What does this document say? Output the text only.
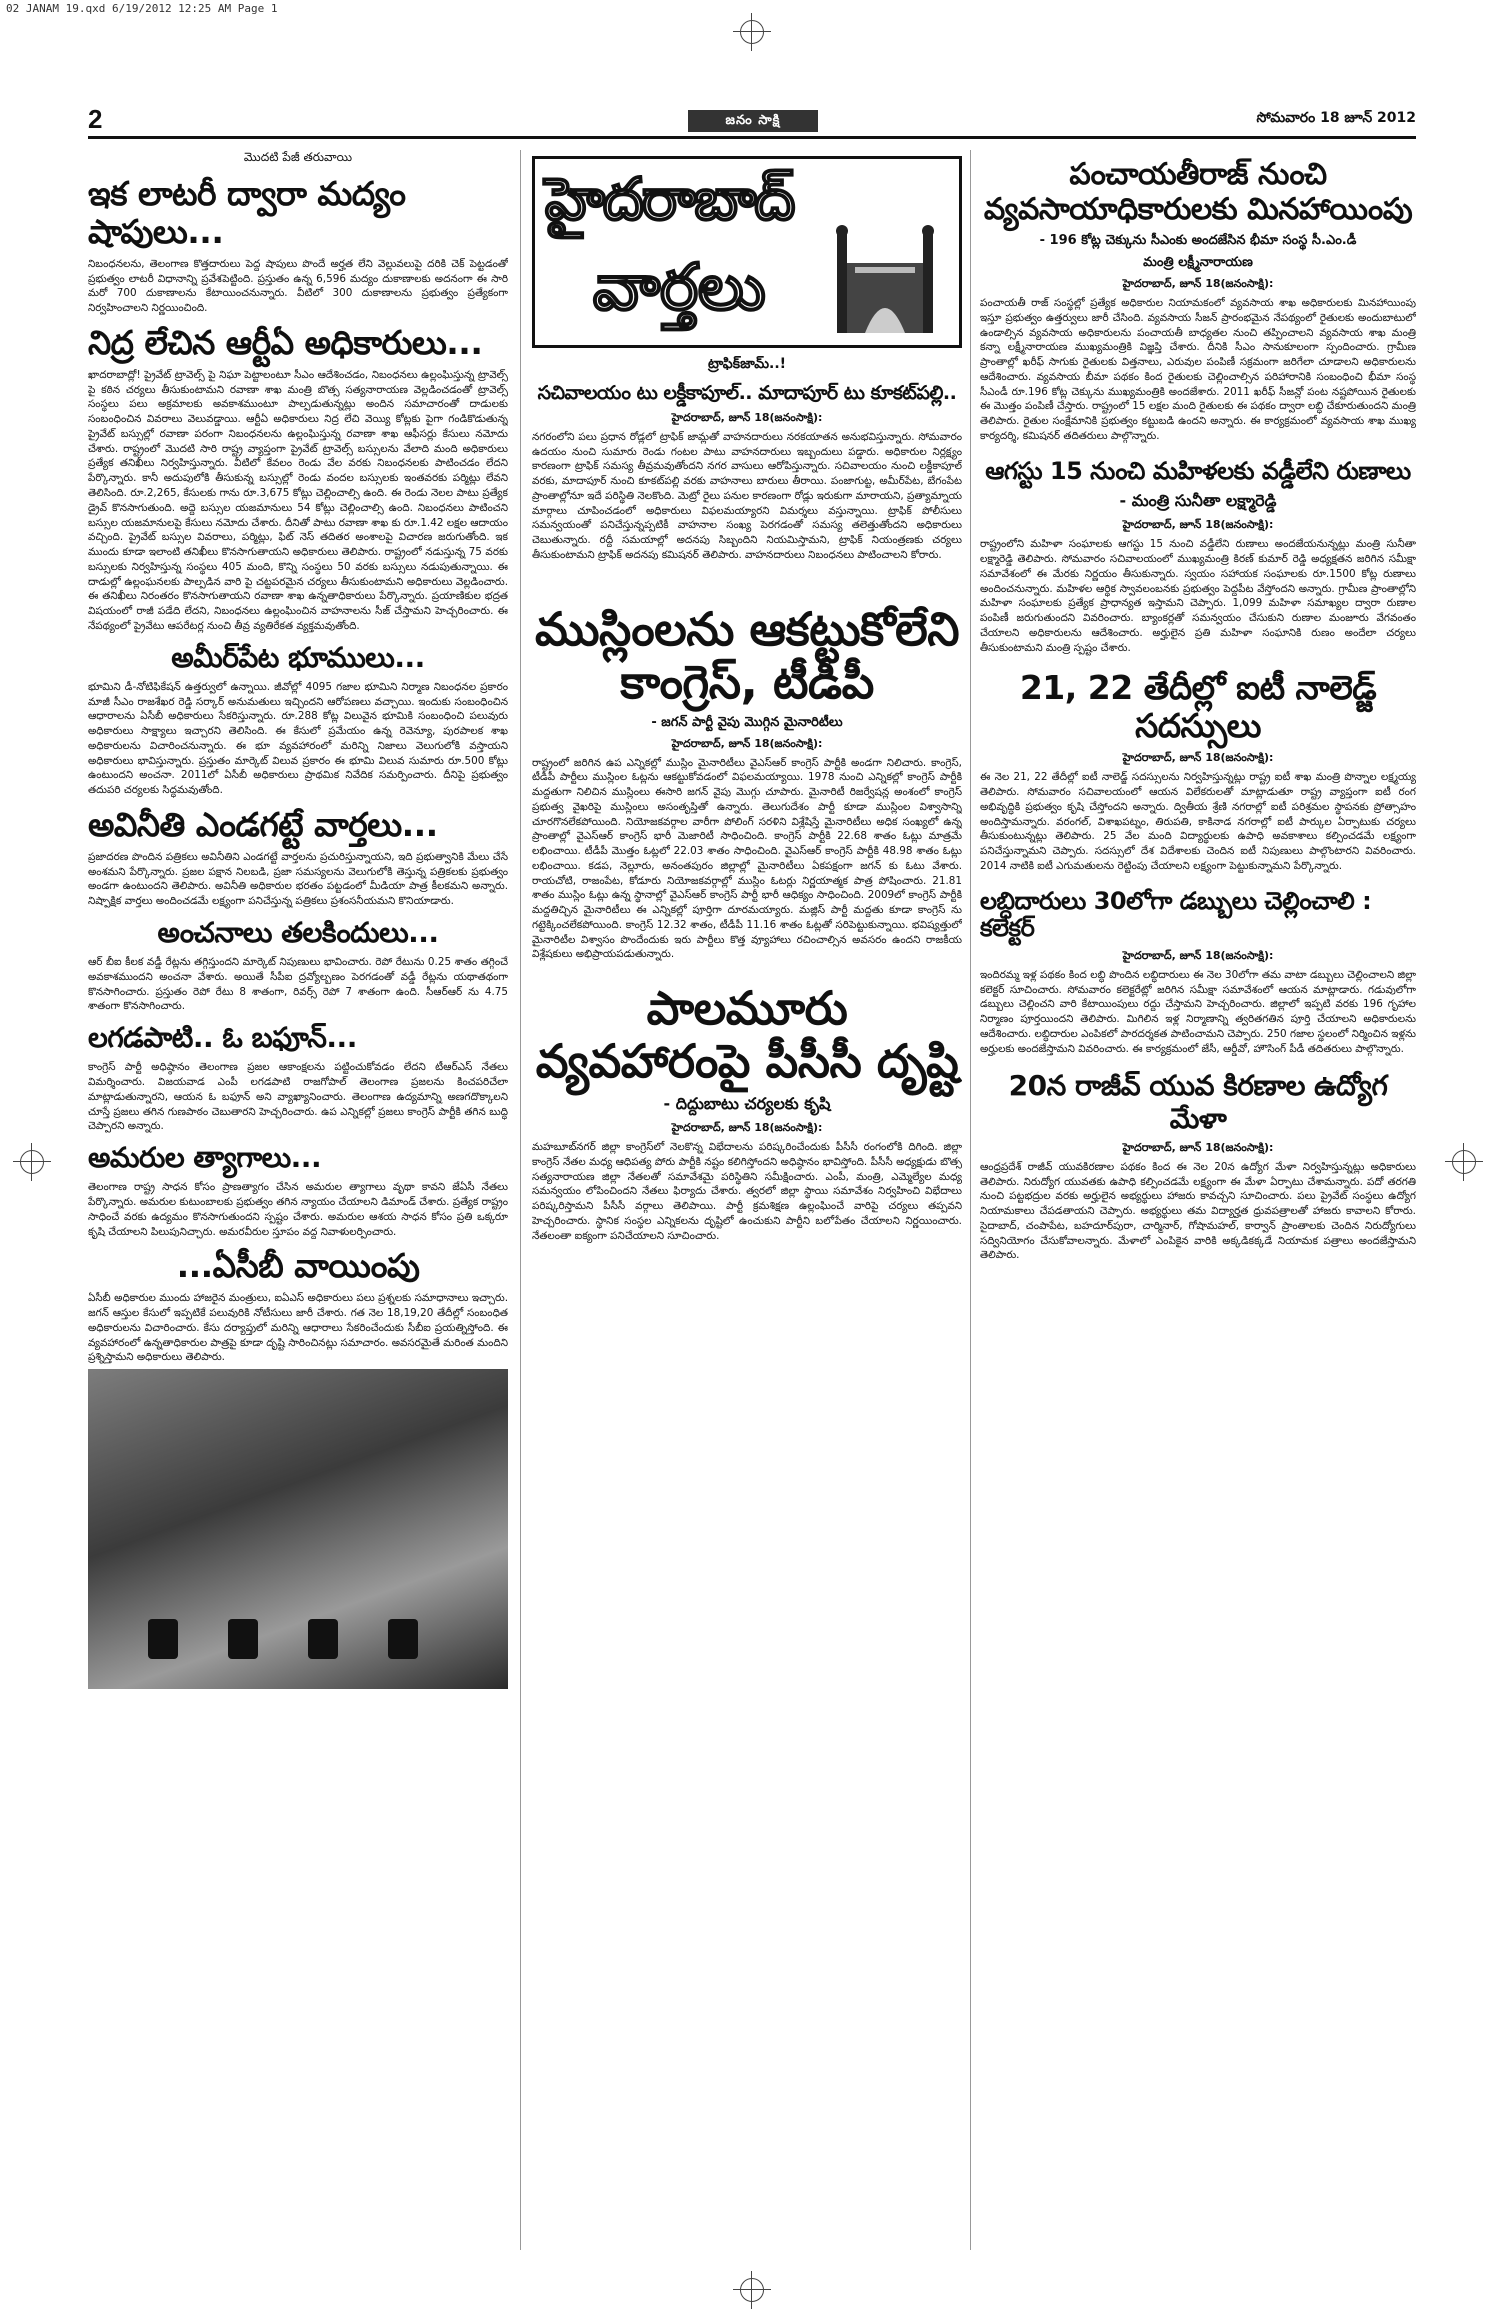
02 JANAM 19.qxd 6/19/2012 12:25 AM Page 1
2	జనం సాక్షి	సోమవారం 18 జూన్ 2012
మొదటి పేజీ తరువాయి
ఇక లాటరీ ద్వారా మద్యం షాపులు...

నిబంధనలను, తెలంగాణ కొత్తదారులు పెద్ద షాపులు పొందే అర్హత లేని వెల్లువలుపై దరికి చెక్ పెట్టడంతో ప్రభుత్వం లాటరీ విధానాన్ని ప్రవేశపెట్టింది. ప్రస్తుతం ఉన్న 6,596 మద్యం దుకాణాలకు అదనంగా ఈ సారి మరో 700 దుకాణాలను కేటాయించనున్నారు. వీటిలో 300 దుకాణాలను ప్రభుత్వం ప్రత్యేకంగా నిర్వహించాలని నిర్ణయించింది.

నిద్ర లేచిన ఆర్టీఏ అధికారులు...

ఖాదరాబాద్లో! ప్రైవేట్ ట్రావెల్స్ పై నిఘా పెట్టాలంటూ సీఎం ఆదేశించడం, నిబంధనలు ఉల్లంఘిస్తున్న ట్రావెల్స్ పై కఠిన చర్యలు తీసుకుంటామని రవాణా శాఖ మంత్రి బొత్స సత్యనారాయణ వెల్లడించడంతో ట్రావెల్స్ సంస్థలు పలు అక్రమాలకు అవకాశముంటూ పాల్పడుతున్నట్లు అందిన సమాచారంతో దాడులకు సంబంధించిన వివరాలు వెలువడ్డాయి. ఆర్టీఏ అధికారులు నిద్ర లేచి వెయ్యి కోట్లకు పైగా గండికొడుతున్న ప్రైవేట్ బస్సుల్లో రవాణా పరంగా నిబంధనలను ఉల్లంఘిస్తున్న రవాణా శాఖ ఆఫీసర్లు కేసులు నమోదు చేశారు. రాష్ట్రంలో మొదటి సారి రాష్ట్ర వ్యాప్తంగా ప్రైవేట్ ట్రావెల్స్ బస్సులను వేలాది మంది అధికారులు ప్రత్యేక తనిఖీలు నిర్వహిస్తున్నారు. వీటిలో కేవలం రెండు వేల వరకు నిబంధనలకు పాటించడం లేదని పేర్కొన్నారు. కానీ అదుపులోకి తీసుకున్న బస్సుల్లో రెండు వందల బస్సులకు ఇంతవరకు పర్మిట్లు లేవని తెలిసింది. రూ.2,265, కేసులకు గాను రూ.3,675 కోట్లు చెల్లించాల్సి ఉంది. ఈ రెండు నెలల పాటు ప్రత్యేక డ్రైవ్ కొనసాగుతుంది. అద్దె బస్సుల యజమానులు 54 కోట్లు చెల్లించాల్సి ఉంది. నిబంధనలు పాటించని బస్సుల యజమానులపై కేసులు నమోదు చేశారు. దీనితో పాటు రవాణా శాఖ కు రూ.1.42 లక్షల ఆదాయం వచ్చింది. ప్రైవేట్ బస్సుల వివరాలు, పర్మిట్లు, ఫిట్ నెస్ తదితర అంశాలపై విచారణ జరుగుతోంది. ఇక ముందు కూడా ఇలాంటి తనిఖీలు కొనసాగుతాయని అధికారులు తెలిపారు. రాష్ట్రంలో నడుస్తున్న 75 వరకు బస్సులకు నిర్వహిస్తున్న సంస్థలు 405 మంది, కొన్ని సంస్థలు 50 వరకు బస్సులు నడుపుతున్నాయి. ఈ దాడుల్లో ఉల్లంఘనలకు పాల్పడిన వారి పై చట్టపరమైన చర్యలు తీసుకుంటామని అధికారులు వెల్లడించారు. ఈ తనిఖీలు నిరంతరం కొనసాగుతాయని రవాణా శాఖ ఉన్నతాధికారులు పేర్కొన్నారు. ప్రయాణికుల భద్రత విషయంలో రాజీ పడేది లేదని, నిబంధనలు ఉల్లంఘించిన వాహనాలను సీజ్ చేస్తామని హెచ్చరించారు. ఈ నేపథ్యంలో ప్రైవేటు ఆపరేటర్ల నుంచి తీవ్ర వ్యతిరేకత వ్యక్తమవుతోంది.

అమీర్‌పేట భూములు...

భూమిని డీ-నోటిఫికేషన్ ఉత్తర్వులో ఉన్నాయి. జీవోల్లో 4095 గజాల భూమిని నిర్మాణ నిబంధనల ప్రకారం మాజీ సీఎం రాజశేఖర రెడ్డి సర్కార్ అనుమతులు ఇచ్చిందని ఆరోపణలు వచ్చాయి. ఇందుకు సంబంధించిన ఆధారాలను ఏసీబీ అధికారులు సేకరిస్తున్నారు. రూ.288 కోట్ల విలువైన భూమికి సంబంధించి పలువురు అధికారులు సాక్ష్యాలు ఇచ్చారని తెలిసింది. ఈ కేసులో ప్రమేయం ఉన్న రెవెన్యూ, పురపాలక శాఖ అధికారులను విచారించనున్నారు. ఈ భూ వ్యవహారంలో మరిన్ని నిజాలు వెలుగులోకి వస్తాయని అధికారులు భావిస్తున్నారు. ప్రస్తుతం మార్కెట్ విలువ ప్రకారం ఈ భూమి విలువ సుమారు రూ.500 కోట్లు ఉంటుందని అంచనా. 2011లో ఏసీబీ అధికారులు ప్రాథమిక నివేదిక సమర్పించారు. దీనిపై ప్రభుత్వం తదుపరి చర్యలకు సిద్ధమవుతోంది.

అవినీతి ఎండగట్టే వార్తలు...

ప్రజాదరణ పొందిన పత్రికలు అవినీతిని ఎండగట్టే వార్తలను ప్రచురిస్తున్నాయని, ఇది ప్రభుత్వానికి మేలు చేసే అంశమని పేర్కొన్నారు. ప్రజల పక్షాన నిలబడి, ప్రజా సమస్యలను వెలుగులోకి తెస్తున్న పత్రికలకు ప్రభుత్వం అండగా ఉంటుందని తెలిపారు. అవినీతి అధికారుల భరతం పట్టడంలో మీడియా పాత్ర కీలకమని అన్నారు. నిష్పాక్షిక వార్తలు అందించడమే లక్ష్యంగా పనిచేస్తున్న పత్రికలు ప్రశంసనీయమని కొనియాడారు.

అంచనాలు తలకిందులు...

ఆర్ బీఐ కీలక వడ్డీ రేట్లను తగ్గిస్తుందని మార్కెట్ నిపుణులు భావించారు. రెపో రేటును 0.25 శాతం తగ్గించే అవకాశముందని అంచనా వేశారు. అయితే సీపీఐ ద్రవ్యోల్బణం పెరగడంతో వడ్డీ రేట్లను యథాతథంగా కొనసాగించారు. ప్రస్తుతం రెపో రేటు 8 శాతంగా, రివర్స్ రెపో 7 శాతంగా ఉంది. సీఆర్ఆర్ ను 4.75 శాతంగా కొనసాగించారు.

లగడపాటి.. ఓ బఫూన్...

కాంగ్రెస్ పార్టీ అధిష్ఠానం తెలంగాణ ప్రజల ఆకాంక్షలను పట్టించుకోవడం లేదని టీఆర్ఎస్ నేతలు విమర్శించారు. విజయవాడ ఎంపీ లగడపాటి రాజగోపాల్ తెలంగాణ ప్రజలను కించపరిచేలా మాట్లాడుతున్నారని, ఆయన ఓ బఫూన్ అని వ్యాఖ్యానించారు. తెలంగాణ ఉద్యమాన్ని అణగదొక్కాలని చూస్తే ప్రజలు తగిన గుణపాఠం చెబుతారని హెచ్చరించారు. ఉప ఎన్నికల్లో ప్రజలు కాంగ్రెస్ పార్టీకి తగిన బుద్ధి చెప్పారని అన్నారు.

అమరుల త్యాగాలు...

తెలంగాణ రాష్ట్ర సాధన కోసం ప్రాణత్యాగం చేసిన అమరుల త్యాగాలు వృథా కావని జేఏసీ నేతలు పేర్కొన్నారు. అమరుల కుటుంబాలకు ప్రభుత్వం తగిన న్యాయం చేయాలని డిమాండ్ చేశారు. ప్రత్యేక రాష్ట్రం సాధించే వరకు ఉద్యమం కొనసాగుతుందని స్పష్టం చేశారు. అమరుల ఆశయ సాధన కోసం ప్రతి ఒక్కరూ కృషి చేయాలని పిలుపునిచ్చారు. అమరవీరుల స్తూపం వద్ద నివాళులర్పించారు.

...ఏసీబీ వాయింపు

ఏసీబీ అధికారుల ముందు హాజరైన మంత్రులు, ఐఏఎస్ అధికారులు పలు ప్రశ్నలకు సమాధానాలు ఇచ్చారు. జగన్ ఆస్తుల కేసులో ఇప్పటికే పలువురికి నోటీసులు జారీ చేశారు. గత నెల 18,19,20 తేదీల్లో సంబంధిత అధికారులను విచారించారు. కేసు దర్యాప్తులో మరిన్ని ఆధారాలు సేకరించేందుకు సీబీఐ ప్రయత్నిస్తోంది. ఈ వ్యవహారంలో ఉన్నతాధికారుల పాత్రపై కూడా దృష్టి సారించినట్లు సమాచారం. అవసరమైతే మరింత మందిని ప్రశ్నిస్తామని అధికారులు తెలిపారు.

హైదరాబాద్
వార్తలు
ట్రాఫిక్‌జామ్..!
సచివాలయం టు లక్డీకాపూల్.. మాదాపూర్ టు కూకట్‌పల్లి..
హైదరాబాద్, జూన్ 18(జనంసాక్షి):

నగరంలోని పలు ప్రధాన రోడ్లలో ట్రాఫిక్ జామ్లతో వాహనదారులు నరకయాతన అనుభవిస్తున్నారు. సోమవారం ఉదయం నుంచి సుమారు రెండు గంటల పాటు వాహనదారులు ఇబ్బందులు పడ్డారు. అధికారుల నిర్లక్ష్యం కారణంగా ట్రాఫిక్ సమస్య తీవ్రమవుతోందని నగర వాసులు ఆరోపిస్తున్నారు. సచివాలయం నుంచి లక్డీకాపూల్ వరకు, మాదాపూర్ నుంచి కూకట్‌పల్లి వరకు వాహనాలు బారులు తీరాయి. పంజాగుట్ట, అమీర్‌పేట, బేగంపేట ప్రాంతాల్లోనూ ఇదే పరిస్థితి నెలకొంది. మెట్రో రైలు పనుల కారణంగా రోడ్లు ఇరుకుగా మారాయని, ప్రత్యామ్నాయ మార్గాలు చూపించడంలో అధికారులు విఫలమయ్యారని విమర్శలు వస్తున్నాయి. ట్రాఫిక్ పోలీసులు సమన్వయంతో పనిచేస్తున్నప్పటికీ వాహనాల సంఖ్య పెరగడంతో సమస్య తలెత్తుతోందని అధికారులు చెబుతున్నారు. రద్దీ సమయాల్లో అదనపు సిబ్బందిని నియమిస్తామని, ట్రాఫిక్ నియంత్రణకు చర్యలు తీసుకుంటామని ట్రాఫిక్ అదనపు కమిషనర్ తెలిపారు. వాహనదారులు నిబంధనలు పాటించాలని కోరారు.

ముస్లింలను ఆకట్టుకోలేని కాంగ్రెస్, టీడీపీ
- జగన్ పార్టీ వైపు మొగ్గిన మైనారిటీలు
హైదరాబాద్, జూన్ 18(జనంసాక్షి):

రాష్ట్రంలో జరిగిన ఉప ఎన్నికల్లో ముస్లిం మైనారిటీలు వైఎస్ఆర్ కాంగ్రెస్ పార్టీకి అండగా నిలిచారు. కాంగ్రెస్, టీడీపీ పార్టీలు ముస్లింల ఓట్లను ఆకట్టుకోవడంలో విఫలమయ్యాయి. 1978 నుంచి ఎన్నికల్లో కాంగ్రెస్ పార్టీకి మద్దతుగా నిలిచిన ముస్లింలు ఈసారి జగన్ వైపు మొగ్గు చూపారు. మైనారిటీ రిజర్వేషన్ల అంశంలో కాంగ్రెస్ ప్రభుత్వ వైఖరిపై ముస్లింలు అసంతృప్తితో ఉన్నారు. తెలుగుదేశం పార్టీ కూడా ముస్లింల విశ్వాసాన్ని చూరగొనలేకపోయింది. నియోజకవర్గాల వారీగా పోలింగ్ సరళిని విశ్లేషిస్తే మైనారిటీలు అధిక సంఖ్యలో ఉన్న ప్రాంతాల్లో వైఎస్ఆర్ కాంగ్రెస్ భారీ మెజారిటీ సాధించింది. కాంగ్రెస్ పార్టీకి 22.68 శాతం ఓట్లు మాత్రమే లభించాయి. టీడీపీ మొత్తం ఓట్లలో 22.03 శాతం సాధించింది. వైఎస్ఆర్ కాంగ్రెస్ పార్టీకి 48.98 శాతం ఓట్లు లభించాయి. కడప, నెల్లూరు, అనంతపురం జిల్లాల్లో మైనారిటీలు ఏకపక్షంగా జగన్ కు ఓటు వేశారు. రాయచోటి, రాజంపేట, కోడూరు నియోజకవర్గాల్లో ముస్లిం ఓటర్లు నిర్ణయాత్మక పాత్ర పోషించారు. 21.81 శాతం ముస్లిం ఓట్లు ఉన్న స్థానాల్లో వైఎస్ఆర్ కాంగ్రెస్ పార్టీ భారీ ఆధిక్యం సాధించింది. 2009లో కాంగ్రెస్ పార్టీకి మద్దతిచ్చిన మైనారిటీలు ఈ ఎన్నికల్లో పూర్తిగా దూరమయ్యారు. మజ్లిస్ పార్టీ మద్దతు కూడా కాంగ్రెస్ ను గట్టెక్కించలేకపోయింది. కాంగ్రెస్ 12.32 శాతం, టీడీపీ 11.16 శాతం ఓట్లతో సరిపెట్టుకున్నాయి. భవిష్యత్తులో మైనారిటీల విశ్వాసం పొందేందుకు ఇరు పార్టీలు కొత్త వ్యూహాలు రచించాల్సిన అవసరం ఉందని రాజకీయ విశ్లేషకులు అభిప్రాయపడుతున్నారు.

పాలమూరు వ్యవహారంపై పీసీసీ దృష్టి
- దిద్దుబాటు చర్యలకు కృషి
హైదరాబాద్, జూన్ 18(జనంసాక్షి):

మహబూబ్‌నగర్ జిల్లా కాంగ్రెస్‌లో నెలకొన్న విభేదాలను పరిష్కరించేందుకు పీసీసీ రంగంలోకి దిగింది. జిల్లా కాంగ్రెస్ నేతల మధ్య ఆధిపత్య పోరు పార్టీకి నష్టం కలిగిస్తోందని అధిష్ఠానం భావిస్తోంది. పీసీసీ అధ్యక్షుడు బొత్స సత్యనారాయణ జిల్లా నేతలతో సమావేశమై పరిస్థితిని సమీక్షించారు. ఎంపీ, మంత్రి, ఎమ్మెల్యేల మధ్య సమన్వయం లోపించిందని నేతలు ఫిర్యాదు చేశారు. త్వరలో జిల్లా స్థాయి సమావేశం నిర్వహించి విభేదాలు పరిష్కరిస్తామని పీసీసీ వర్గాలు తెలిపాయి. పార్టీ క్రమశిక్షణ ఉల్లంఘించే వారిపై చర్యలు తప్పవని హెచ్చరించారు. స్థానిక సంస్థల ఎన్నికలను దృష్టిలో ఉంచుకుని పార్టీని బలోపేతం చేయాలని నిర్ణయించారు. నేతలంతా ఐక్యంగా పనిచేయాలని సూచించారు.

పంచాయతీరాజ్ నుంచి వ్యవసాయాధికారులకు మినహాయింపు
- 196 కోట్ల చెక్కును సీఎంకు అందజేసిన భీమా సంస్థ సీ.ఎం.డీ
మంత్రి లక్ష్మీనారాయణ
హైదరాబాద్, జూన్ 18(జనంసాక్షి):

పంచాయతీ రాజ్ సంస్థల్లో ప్రత్యేక అధికారుల నియామకంలో వ్యవసాయ శాఖ అధికారులకు మినహాయింపు ఇస్తూ ప్రభుత్వం ఉత్తర్వులు జారీ చేసింది. వ్యవసాయ సీజన్ ప్రారంభమైన నేపథ్యంలో రైతులకు అందుబాటులో ఉండాల్సిన వ్యవసాయ అధికారులను పంచాయతీ బాధ్యతల నుంచి తప్పించాలని వ్యవసాయ శాఖ మంత్రి కన్నా లక్ష్మీనారాయణ ముఖ్యమంత్రికి విజ్ఞప్తి చేశారు. దీనికి సీఎం సానుకూలంగా స్పందించారు. గ్రామీణ ప్రాంతాల్లో ఖరీఫ్ సాగుకు రైతులకు విత్తనాలు, ఎరువుల పంపిణీ సక్రమంగా జరిగేలా చూడాలని అధికారులను ఆదేశించారు. వ్యవసాయ బీమా పథకం కింద రైతులకు చెల్లించాల్సిన పరిహారానికి సంబంధించి భీమా సంస్థ సీఎండీ రూ.196 కోట్ల చెక్కును ముఖ్యమంత్రికి అందజేశారు. 2011 ఖరీఫ్ సీజన్లో పంట నష్టపోయిన రైతులకు ఈ మొత్తం పంపిణీ చేస్తారు. రాష్ట్రంలో 15 లక్షల మంది రైతులకు ఈ పథకం ద్వారా లబ్ధి చేకూరుతుందని మంత్రి తెలిపారు. రైతుల సంక్షేమానికి ప్రభుత్వం కట్టుబడి ఉందని అన్నారు. ఈ కార్యక్రమంలో వ్యవసాయ శాఖ ముఖ్య కార్యదర్శి, కమిషనర్ తదితరులు పాల్గొన్నారు.

ఆగస్టు 15 నుంచి మహిళలకు వడ్డీలేని రుణాలు
- మంత్రి సునీతా లక్ష్మారెడ్డి
హైదరాబాద్, జూన్ 18(జనంసాక్షి):

రాష్ట్రంలోని మహిళా సంఘాలకు ఆగస్టు 15 నుంచి వడ్డీలేని రుణాలు అందజేయనున్నట్లు మంత్రి సునీతా లక్ష్మారెడ్డి తెలిపారు. సోమవారం సచివాలయంలో ముఖ్యమంత్రి కిరణ్ కుమార్ రెడ్డి అధ్యక్షతన జరిగిన సమీక్షా సమావేశంలో ఈ మేరకు నిర్ణయం తీసుకున్నారు. స్వయం సహాయక సంఘాలకు రూ.1500 కోట్ల రుణాలు అందించనున్నారు. మహిళల ఆర్థిక స్వావలంబనకు ప్రభుత్వం పెద్దపీట వేస్తోందని అన్నారు. గ్రామీణ ప్రాంతాల్లోని మహిళా సంఘాలకు ప్రత్యేక ప్రాధాన్యత ఇస్తామని చెప్పారు. 1,099 మహిళా సమాఖ్యల ద్వారా రుణాల పంపిణీ జరుగుతుందని వివరించారు. బ్యాంకర్లతో సమన్వయం చేసుకుని రుణాల మంజూరు వేగవంతం చేయాలని అధికారులను ఆదేశించారు. అర్హులైన ప్రతి మహిళా సంఘానికి రుణం అందేలా చర్యలు తీసుకుంటామని మంత్రి స్పష్టం చేశారు.

21, 22 తేదీల్లో ఐటీ నాలెడ్జ్ సదస్సులు
హైదరాబాద్, జూన్ 18(జనంసాక్షి):

ఈ నెల 21, 22 తేదీల్లో ఐటీ నాలెడ్జ్ సదస్సులను నిర్వహిస్తున్నట్లు రాష్ట్ర ఐటీ శాఖ మంత్రి పొన్నాల లక్ష్మయ్య తెలిపారు. సోమవారం సచివాలయంలో ఆయన విలేకరులతో మాట్లాడుతూ రాష్ట్ర వ్యాప్తంగా ఐటీ రంగ అభివృద్ధికి ప్రభుత్వం కృషి చేస్తోందని అన్నారు. ద్వితీయ శ్రేణి నగరాల్లో ఐటీ పరిశ్రమల స్థాపనకు ప్రోత్సాహం అందిస్తామన్నారు. వరంగల్, విశాఖపట్నం, తిరుపతి, కాకినాడ నగరాల్లో ఐటీ పార్కుల ఏర్పాటుకు చర్యలు తీసుకుంటున్నట్లు తెలిపారు. 25 వేల మంది విద్యార్థులకు ఉపాధి అవకాశాలు కల్పించడమే లక్ష్యంగా పనిచేస్తున్నామని చెప్పారు. సదస్సులో దేశ విదేశాలకు చెందిన ఐటీ నిపుణులు పాల్గొంటారని వివరించారు. 2014 నాటికి ఐటీ ఎగుమతులను రెట్టింపు చేయాలని లక్ష్యంగా పెట్టుకున్నామని పేర్కొన్నారు.

లబ్ధిదారులు 30లోగా డబ్బులు చెల్లించాలి : కలెక్టర్
హైదరాబాద్, జూన్ 18(జనంసాక్షి):

ఇందిరమ్మ ఇళ్ల పథకం కింద లబ్ధి పొందిన లబ్ధిదారులు ఈ నెల 30లోగా తమ వాటా డబ్బులు చెల్లించాలని జిల్లా కలెక్టర్ సూచించారు. సోమవారం కలెక్టరేట్లో జరిగిన సమీక్షా సమావేశంలో ఆయన మాట్లాడారు. గడువులోగా డబ్బులు చెల్లించని వారి కేటాయింపులు రద్దు చేస్తామని హెచ్చరించారు. జిల్లాలో ఇప్పటి వరకు 196 గృహాల నిర్మాణం పూర్తయిందని తెలిపారు. మిగిలిన ఇళ్ల నిర్మాణాన్ని త్వరితగతిన పూర్తి చేయాలని అధికారులను ఆదేశించారు. లబ్ధిదారుల ఎంపికలో పారదర్శకత పాటించామని చెప్పారు. 250 గజాల స్థలంలో నిర్మించిన ఇళ్లను అర్హులకు అందజేస్తామని వివరించారు. ఈ కార్యక్రమంలో జేసీ, ఆర్డీవో, హౌసింగ్ పీడీ తదితరులు పాల్గొన్నారు.

20న రాజీవ్ యువ కిరణాల ఉద్యోగ మేళా
హైదరాబాద్, జూన్ 18(జనంసాక్షి):

ఆంధ్రప్రదేశ్ రాజీవ్ యువకిరణాల పథకం కింద ఈ నెల 20న ఉద్యోగ మేళా నిర్వహిస్తున్నట్లు అధికారులు తెలిపారు. నిరుద్యోగ యువతకు ఉపాధి కల్పించడమే లక్ష్యంగా ఈ మేళా ఏర్పాటు చేశామన్నారు. పదో తరగతి నుంచి పట్టభద్రుల వరకు అర్హులైన అభ్యర్థులు హాజరు కావచ్చని సూచించారు. పలు ప్రైవేట్ సంస్థలు ఉద్యోగ నియామకాలు చేపడతాయని చెప్పారు. అభ్యర్థులు తమ విద్యార్హత ధ్రువపత్రాలతో హాజరు కావాలని కోరారు. సైదాబాద్, చంపాపేట, బహదూర్‌పురా, చార్మినార్, గోషామహల్, కార్వాన్ ప్రాంతాలకు చెందిన నిరుద్యోగులు సద్వినియోగం చేసుకోవాలన్నారు. మేళాలో ఎంపికైన వారికి అక్కడికక్కడే నియామక పత్రాలు అందజేస్తామని తెలిపారు.
